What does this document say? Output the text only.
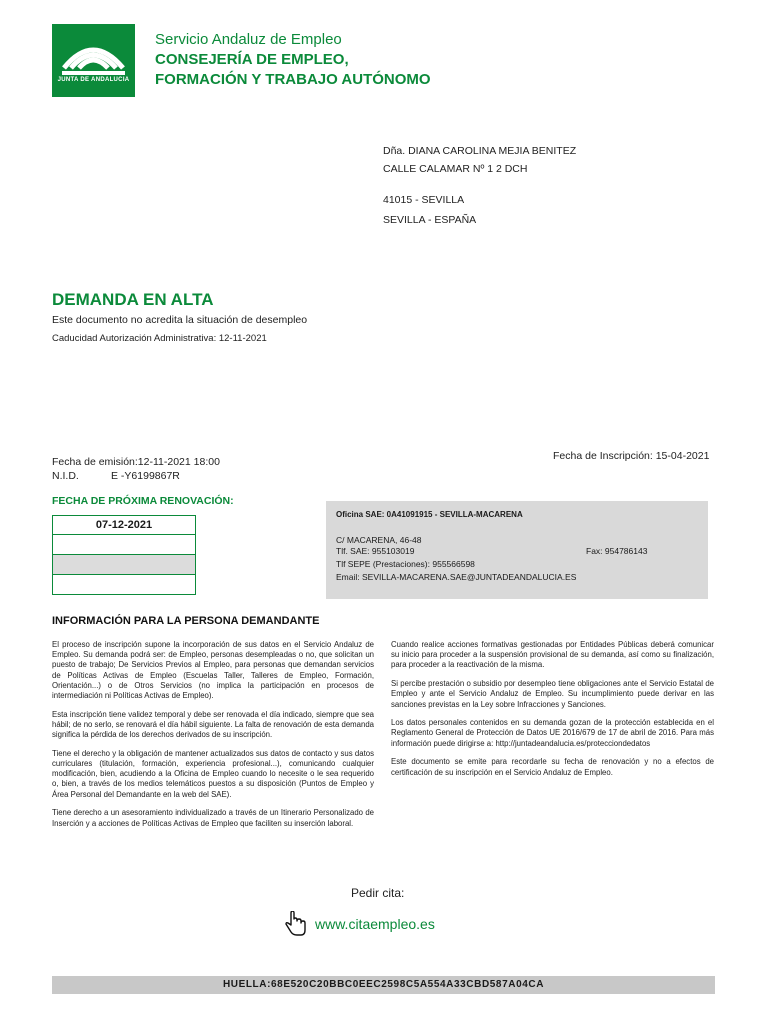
JUNTA DE ANDALUCIA
Servicio Andaluz de Empleo
CONSEJERÍA DE EMPLEO,
FORMACIÓN Y TRABAJO AUTÓNOMO
Dña. DIANA CAROLINA MEJIA BENITEZ
CALLE CALAMAR Nº 1 2 DCH
41015 - SEVILLA
SEVILLA - ESPAÑA
DEMANDA EN ALTA
Este documento no acredita la situación de desempleo
Caducidad Autorización Administrativa: 12-11-2021
Fecha de emisión:12-11-2021 18:00
N.I.D.	E -Y6199867R
Fecha de Inscripción: 15-04-2021
FECHA DE PRÓXIMA RENOVACIÓN:
07-12-2021
Oficina SAE: 0A41091915 - SEVILLA-MACARENA
C/ MACARENA, 46-48
Tlf. SAE: 955103019	Fax: 954786143
Tlf SEPE (Prestaciones): 955566598
Email: SEVILLA-MACARENA.SAE@JUNTADEANDALUCIA.ES
INFORMACIÓN PARA LA PERSONA DEMANDANTE

El proceso de inscripción supone la incorporación de sus datos en el Servicio Andaluz de Empleo. Su demanda podrá ser: de Empleo, personas desempleadas o no, que solicitan un puesto de trabajo; De Servicios Previos al Empleo, para personas que demandan servicios de Políticas Activas de Empleo (Escuelas Taller, Talleres de Empleo, Formación, Orientación...) o de Otros Servicios (no implica la participación en procesos de intermediación ni Políticas Activas de Empleo).

Esta inscripción tiene validez temporal y debe ser renovada el día indicado, siempre que sea hábil; de no serlo, se renovará el día hábil siguiente. La falta de renovación de esta demanda significa la pérdida de los derechos derivados de su inscripción.

Tiene el derecho y la obligación de mantener actualizados sus datos de contacto y sus datos curriculares (titulación, formación, experiencia profesional...), comunicando cualquier modificación, bien, acudiendo a la Oficina de Empleo cuando lo necesite o le sea requerido o, bien, a través de los medios telemáticos puestos a su disposición (Puntos de Empleo y Área Personal del Demandante en la web del SAE).

Tiene derecho a un asesoramiento individualizado a través de un Itinerario Personalizado de Inserción y a acciones de Políticas Activas de Empleo que faciliten su inserción laboral.

Cuando realice acciones formativas gestionadas por Entidades Públicas deberá comunicar su inicio para proceder a la suspensión provisional de su demanda, así como su finalización, para proceder a la reactivación de la misma.

Si percibe prestación o subsidio por desempleo tiene obligaciones ante el Servicio Estatal de Empleo y ante el Servicio Andaluz de Empleo. Su incumplimiento puede derivar en las sanciones previstas en la Ley sobre Infracciones y Sanciones.

Los datos personales contenidos en su demanda gozan de la protección establecida en el Reglamento General de Protección de Datos UE 2016/679 de 17 de abril de 2016. Para más información puede dirigirse a: http://juntadeandalucia.es/protecciondedatos

Este documento se emite para recordarle su fecha de renovación y no a efectos de certificación de su inscripción en el Servicio Andaluz de Empleo.

Pedir cita:
www.citaempleo.es
HUELLA:68E520C20BBC0EEC2598C5A554A33CBD587A04CA
